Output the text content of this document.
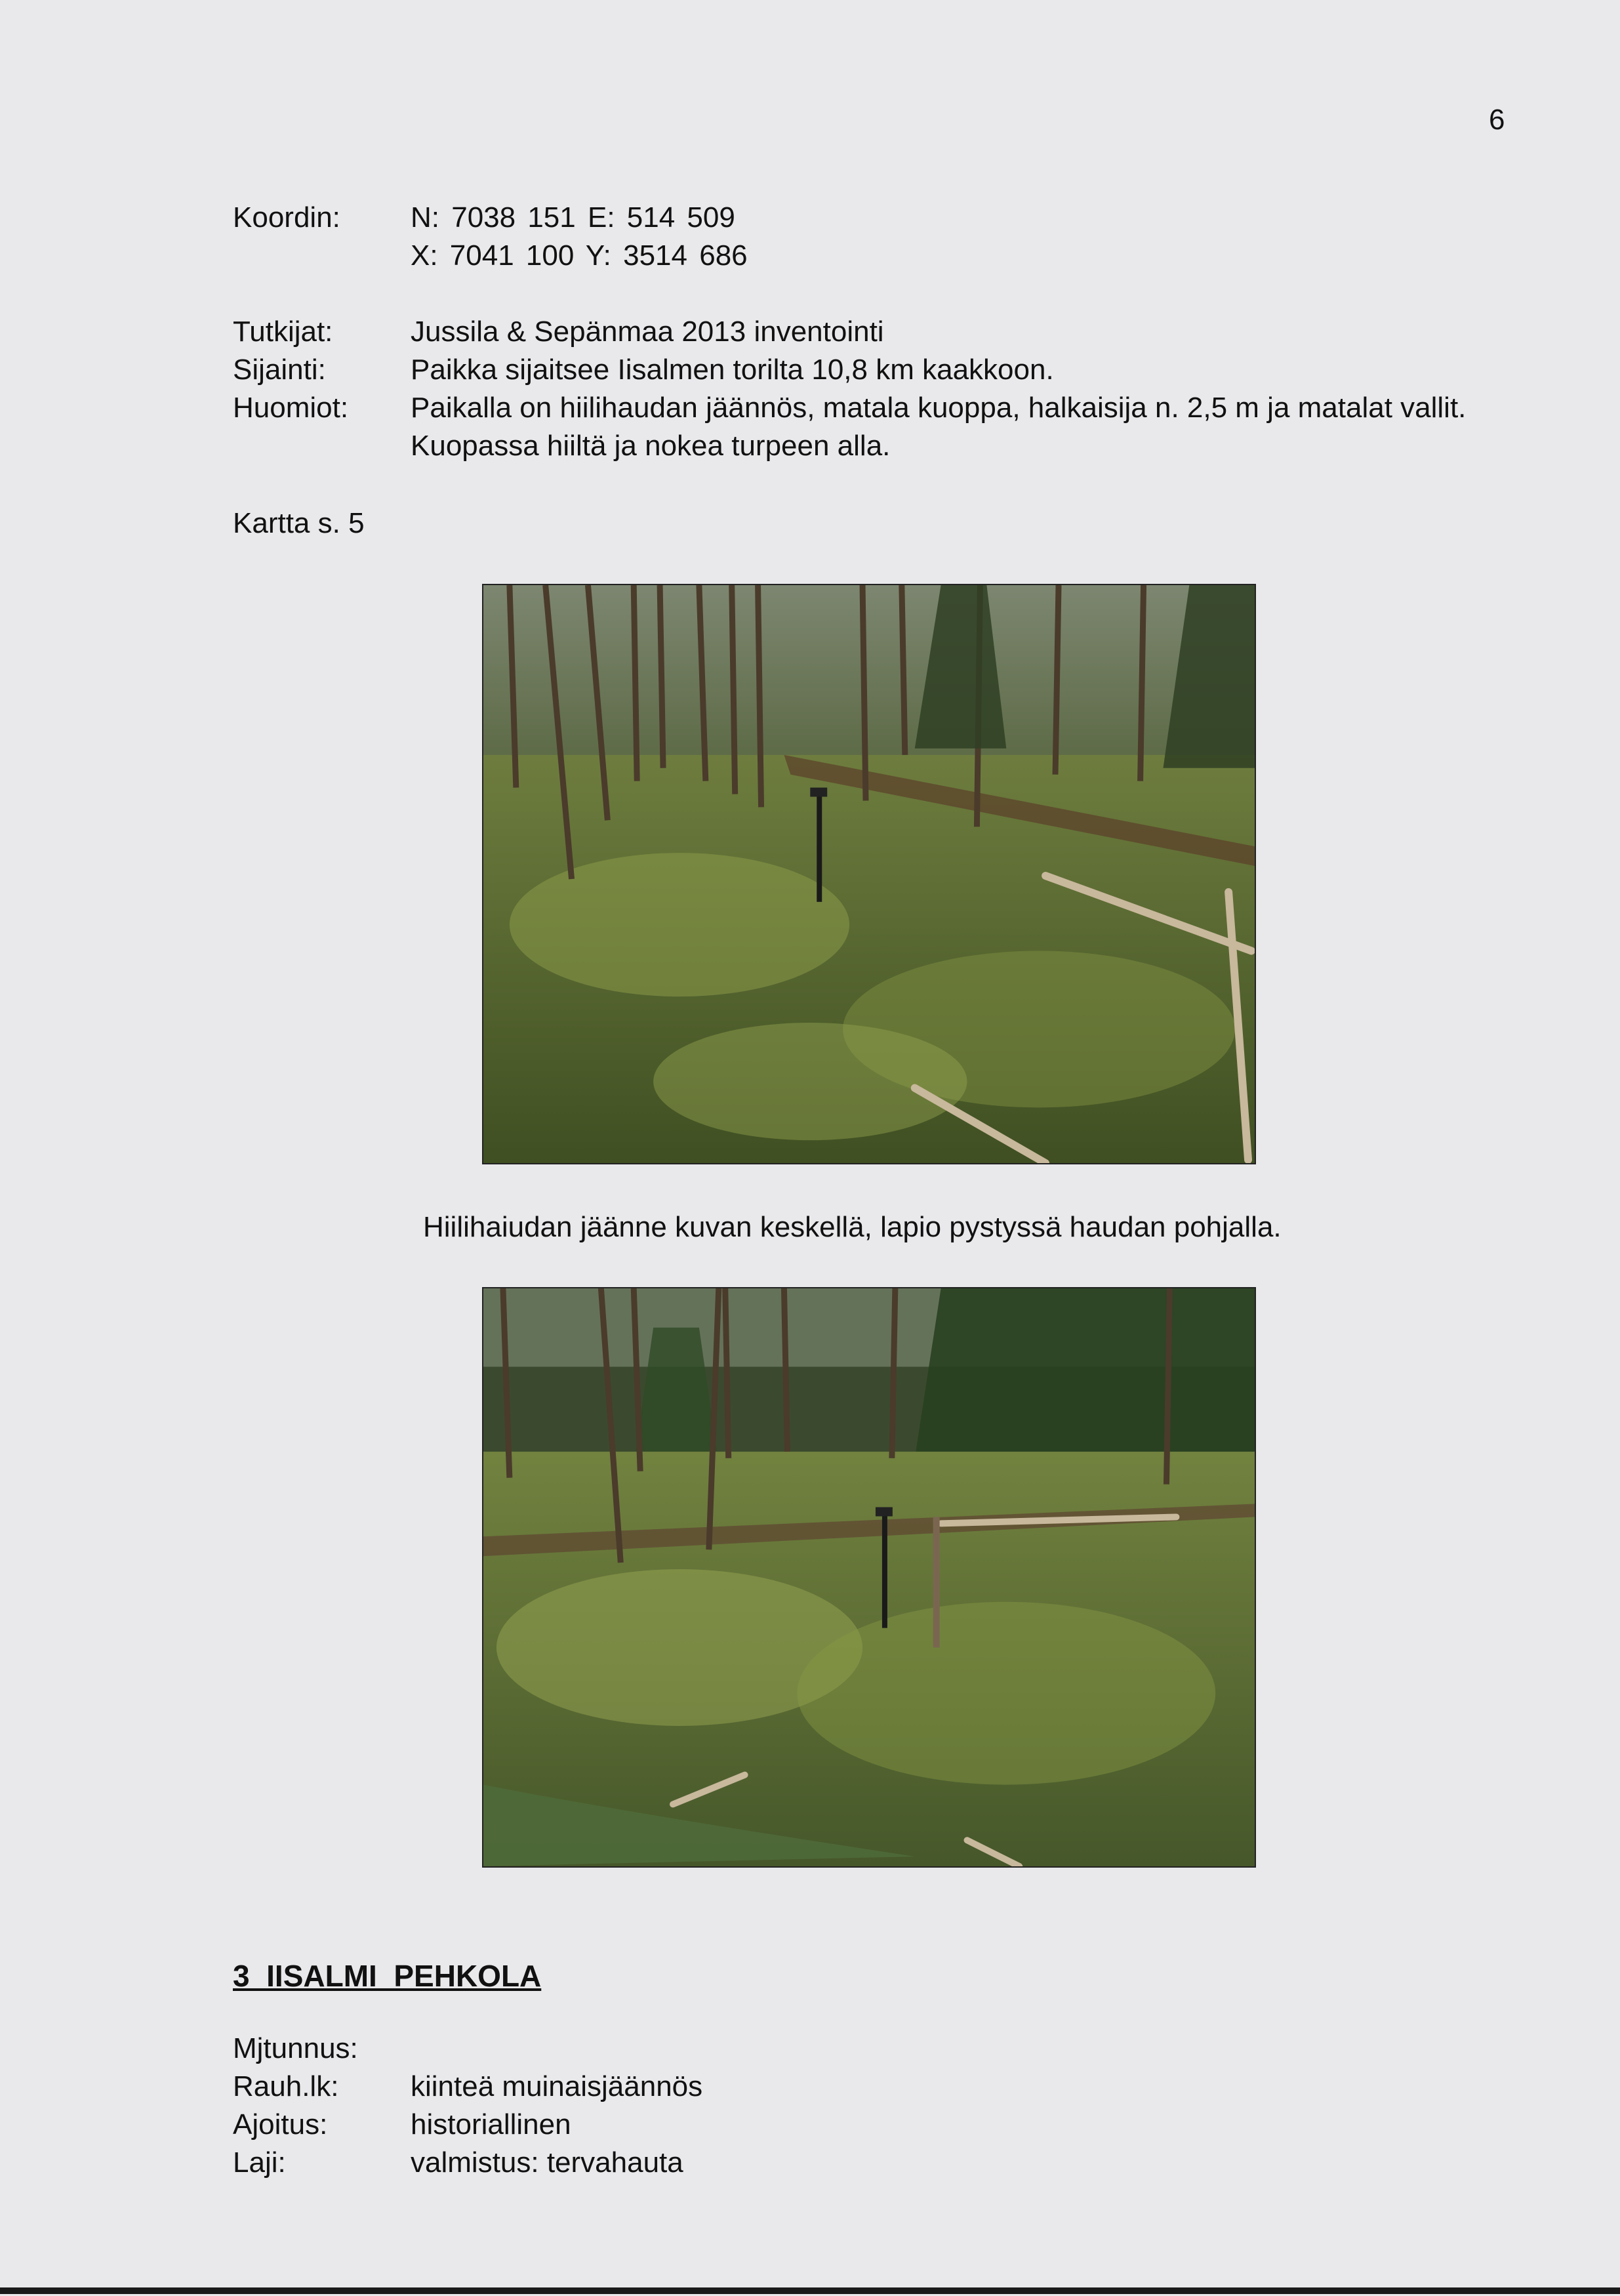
6
Koordin: N: 7038 151 E: 514 509
X: 7041 100 Y: 3514 686
Tutkijat:	Jussila & Sepänmaa 2013 inventointi
Sijainti:	Paikka sijaitsee Iisalmen torilta 10,8 km kaakkoon.
Huomiot: Paikalla on hiilihaudan jäännös, matala kuoppa, halkaisija n. 2,5 m ja matalat vallit.
Kuopassa hiiltä ja nokea turpeen alla.
Kartta s. 5
Hiilihaiudan jäänne kuvan keskellä, lapio pystyssä haudan pohjalla.
3  IISALMI  PEHKOLA
Mjtunnus:
Rauh.lk: kiinteä muinaisjäännös
Ajoitus:	historiallinen
Laji:	valmistus: tervahauta
